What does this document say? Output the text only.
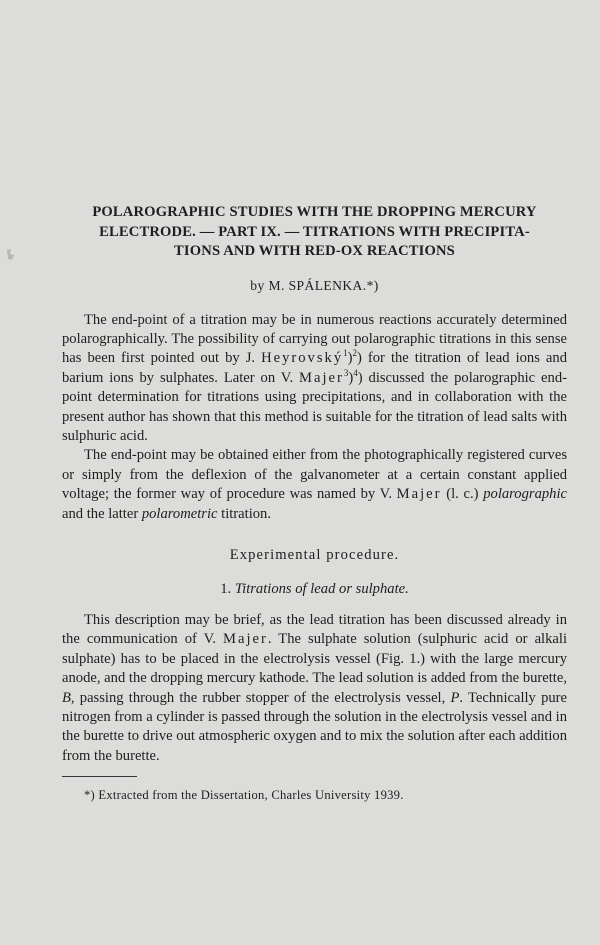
POLAROGRAPHIC STUDIES WITH THE DROPPING MERCURY
ELECTRODE. — PART IX. — TITRATIONS WITH PRECIPITA-
TIONS AND WITH RED-OX REACTIONS
by M. SPÁLENKA.*)

The end-point of a titration may be in numerous reactions accurately determined polarographically. The possibility of carrying out polarographic titrations in this sense has been first pointed out by J. Heyrovský$^1$)$^2$) for the titration of lead ions and barium ions by sulphates. Later on V. Majer$^3$)$^4$) discussed the polarographic end-point determination for titrations using precipitations, and in collaboration with the present author has shown that this method is suitable for the titration of lead salts with sulphuric acid.

The end-point may be obtained either from the photographically registered curves or simply from the deflexion of the galvanometer at a certain constant applied voltage; the former way of procedure was named by V. Majer (l. c.) polarographic and the latter polarometric titration.

Experimental procedure.
1. Titrations of lead or sulphate.

This description may be brief, as the lead titration has been discussed already in the communication of V. Majer. The sulphate solution (sulphuric acid or alkali sulphate) has to be placed in the electrolysis vessel (Fig. 1.) with the large mercury anode, and the dropping mercury kathode. The lead solution is added from the burette, B, passing through the rubber stopper of the electrolysis vessel, P. Technically pure nitrogen from a cylinder is passed through the solution in the electrolysis vessel and in the burette to drive out atmospheric oxygen and to mix the solution after each addition from the burette.

*) Extracted from the Dissertation, Charles University 1939.
